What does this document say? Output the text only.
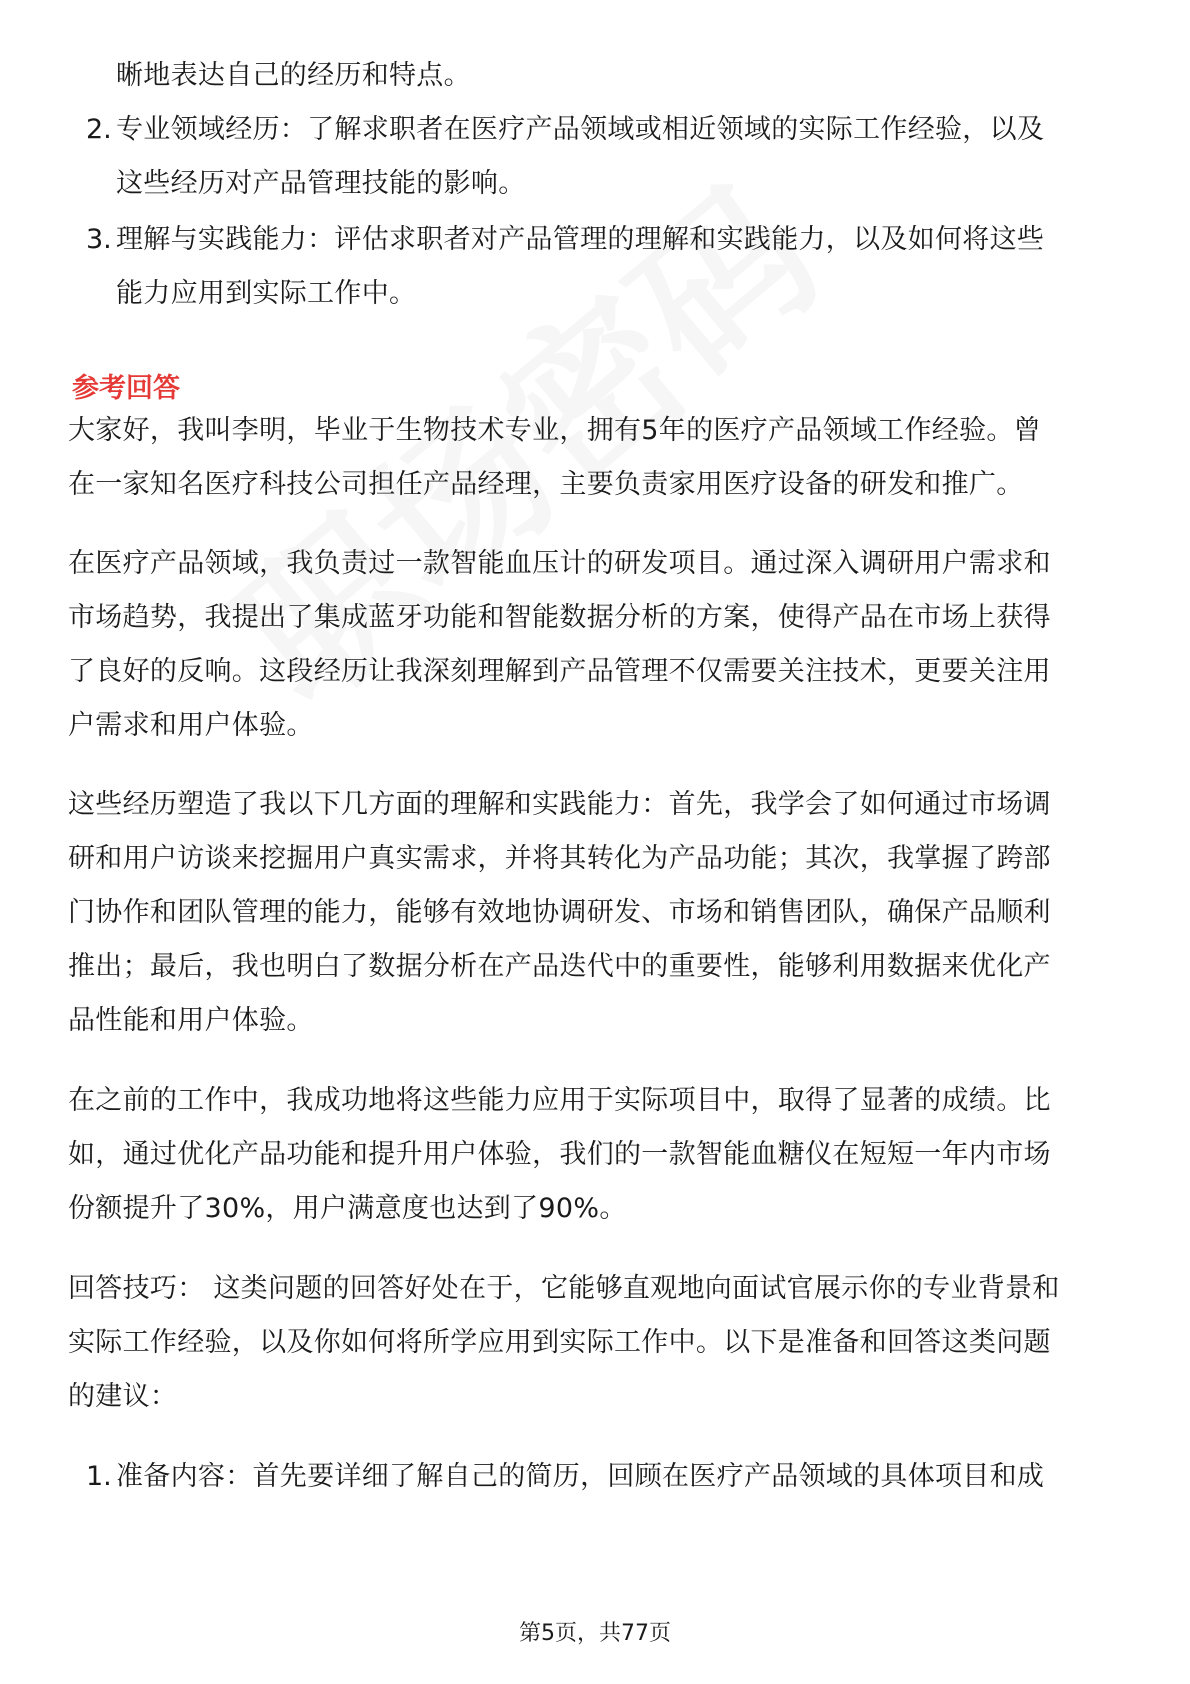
晰地表达自己的经历和特点。
2. 专业领域经历：了解求职者在医疗产品领域或相近领域的实际工作经验，以及
这些经历对产品管理技能的影响。
3. 理解与实践能力：评估求职者对产品管理的理解和实践能力，以及如何将这些
能力应用到实际工作中。
参考回答
大家好，我叫李明，毕业于生物技术专业，拥有5年的医疗产品领域工作经验。曾
在一家知名医疗科技公司担任产品经理，主要负责家用医疗设备的研发和推广。
在医疗产品领域，我负责过一款智能血压计的研发项目。通过深入调研用户需求和
市场趋势，我提出了集成蓝牙功能和智能数据分析的方案，使得产品在市场上获得
了良好的反响。这段经历让我深刻理解到产品管理不仅需要关注技术，更要关注用
户需求和用户体验。
这些经历塑造了我以下几方面的理解和实践能力：首先，我学会了如何通过市场调
研和用户访谈来挖掘用户真实需求，并将其转化为产品功能；其次，我掌握了跨部
门协作和团队管理的能力，能够有效地协调研发、市场和销售团队，确保产品顺利
推出；最后，我也明白了数据分析在产品迭代中的重要性，能够利用数据来优化产
品性能和用户体验。
在之前的工作中，我成功地将这些能力应用于实际项目中，取得了显著的成绩。比
如，通过优化产品功能和提升用户体验，我们的一款智能血糖仪在短短一年内市场
份额提升了30%，用户满意度也达到了90%。
回答技巧： 这类问题的回答好处在于，它能够直观地向面试官展示你的专业背景和
实际工作经验，以及你如何将所学应用到实际工作中。以下是准备和回答这类问题
的建议：
1. 准备内容：首先要详细了解自己的简历，回顾在医疗产品领域的具体项目和成
第5页，共77页
